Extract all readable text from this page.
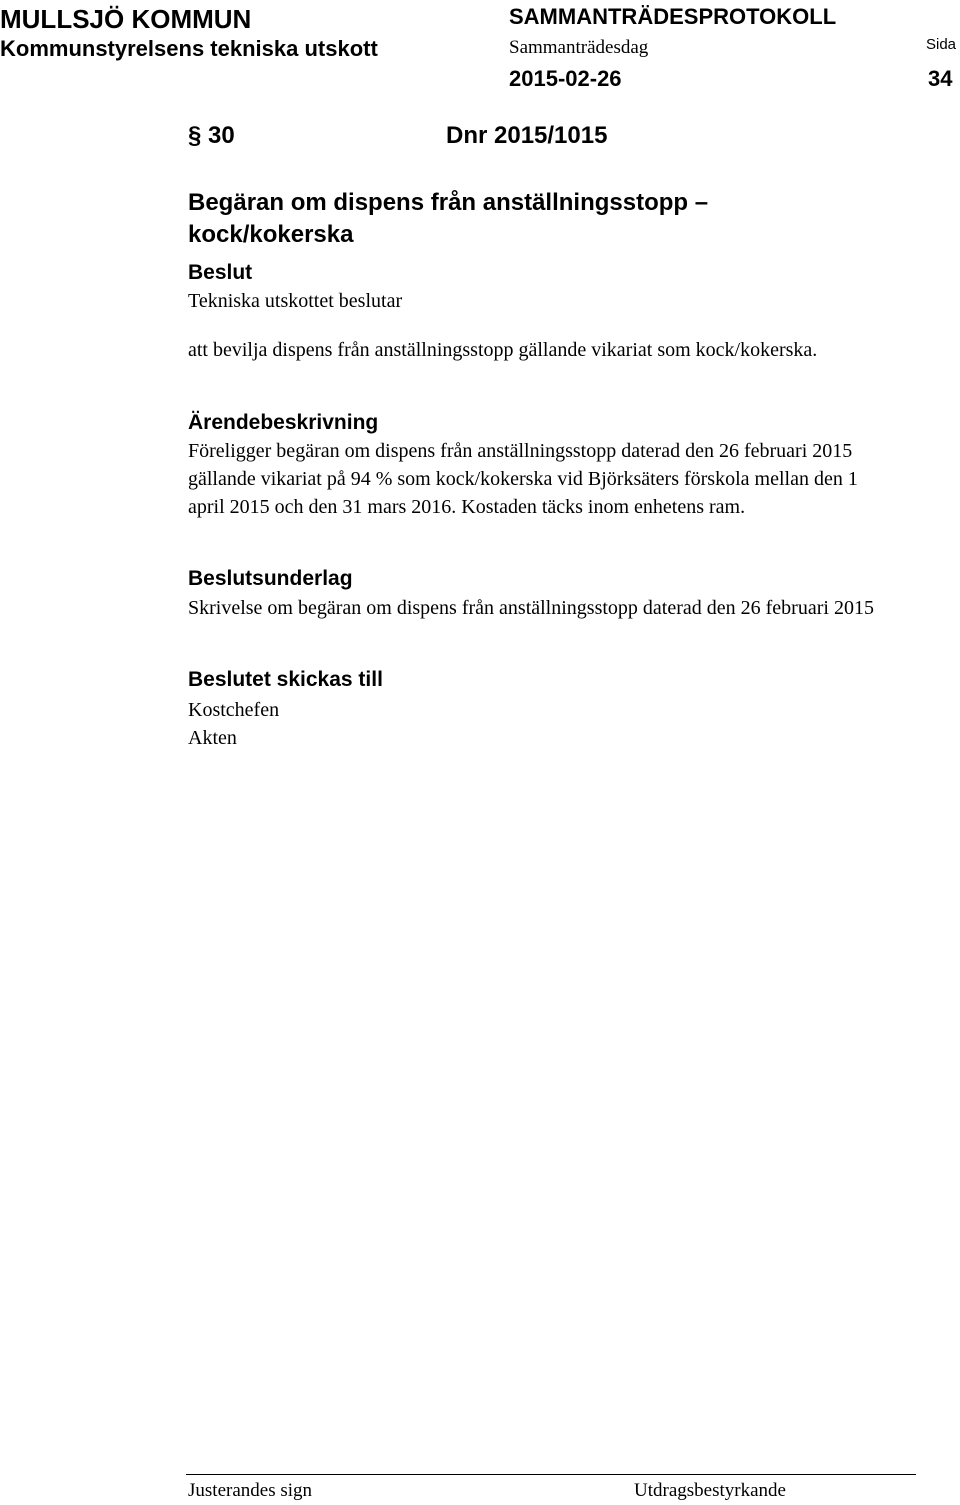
MULLSJÖ KOMMUN
Kommunstyrelsens tekniska utskott
SAMMANTRÄDESPROTOKOLL
Sammanträdesdag
2015-02-26
Sida
34
§ 30	Dnr 2015/1015
Begäran om dispens från anställningsstopp – kock/kokerska
Beslut
Tekniska utskottet beslutar
att bevilja dispens från anställningsstopp gällande vikariat som kock/kokerska.
Ärendebeskrivning
Föreligger begäran om dispens från anställningsstopp daterad den 26 februari 2015 gällande vikariat på 94 % som kock/kokerska vid Björksäters förskola mellan den 1 april 2015 och den 31 mars 2016. Kostaden täcks inom enhetens ram.
Beslutsunderlag
Skrivelse om begäran om dispens från anställningsstopp daterad den 26 februari 2015
Beslutet skickas till
Kostchefen
Akten
Justerandes sign	Utdragsbestyrkande
